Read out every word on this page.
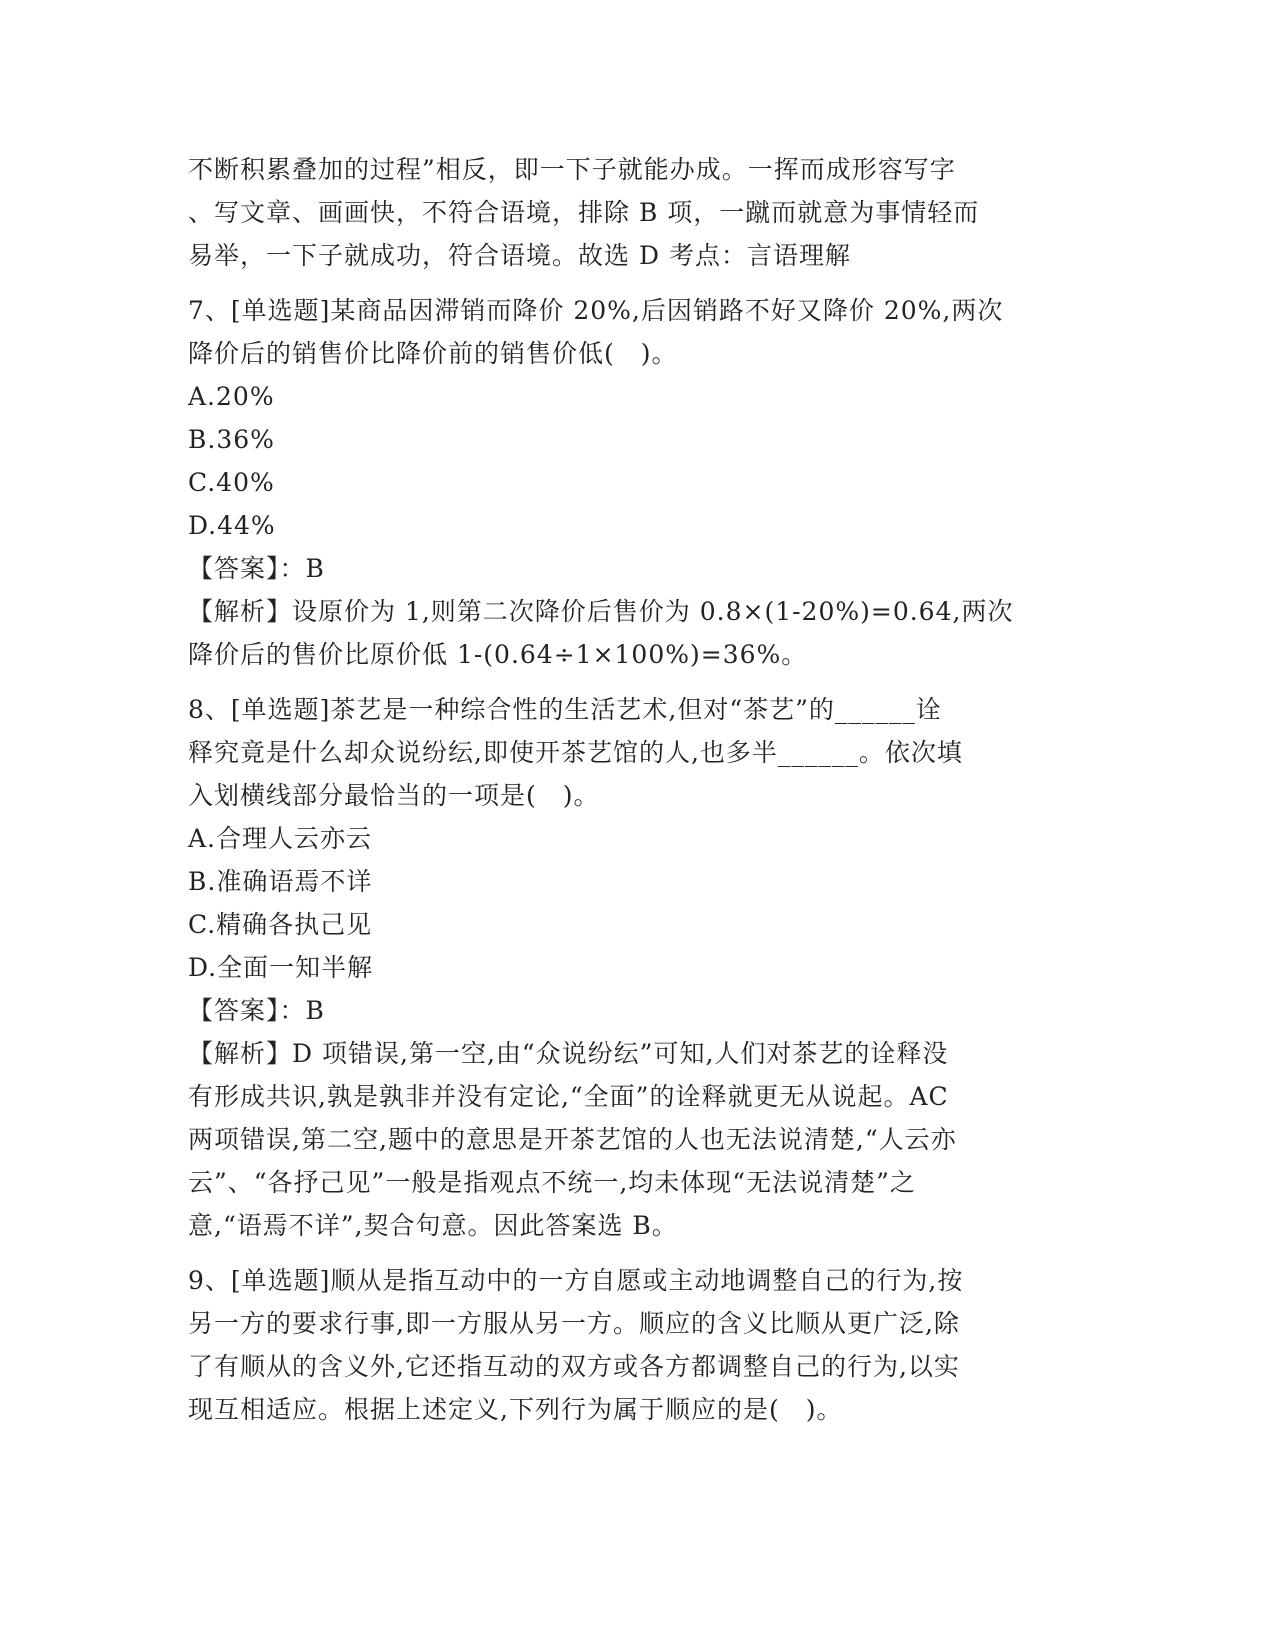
不断积累叠加的过程”相反，即一下子就能办成。一挥而成形容写字
、写文章、画画快，不符合语境，排除 B 项，一蹴而就意为事情轻而
易举，一下子就成功，符合语境。故选 D 考点：言语理解
7、[单选题]某商品因滞销而降价 20%,后因销路不好又降价 20%,两次
降价后的销售价比降价前的销售价低(　)。
A.20%
B.36%
C.40%
D.44%
【答案】：B
【解析】设原价为 1,则第二次降价后售价为 0.8×(1-20%)=0.64,两次
降价后的售价比原价低 1-(0.64÷1×100%)=36%。
8、[单选题]茶艺是一种综合性的生活艺术,但对“茶艺”的______诠
释究竟是什么却众说纷纭,即使开茶艺馆的人,也多半______。依次填
入划横线部分最恰当的一项是(　)。
A.合理人云亦云
B.准确语焉不详
C.精确各执己见
D.全面一知半解
【答案】：B
【解析】D 项错误,第一空,由“众说纷纭”可知,人们对茶艺的诠释没
有形成共识,孰是孰非并没有定论,“全面”的诠释就更无从说起。AC
两项错误,第二空,题中的意思是开茶艺馆的人也无法说清楚,“人云亦
云”、“各抒己见”一般是指观点不统一,均未体现“无法说清楚”之
意,“语焉不详”,契合句意。因此答案选 B。
9、[单选题]顺从是指互动中的一方自愿或主动地调整自己的行为,按
另一方的要求行事,即一方服从另一方。顺应的含义比顺从更广泛,除
了有顺从的含义外,它还指互动的双方或各方都调整自己的行为,以实
现互相适应。根据上述定义,下列行为属于顺应的是(　)。
